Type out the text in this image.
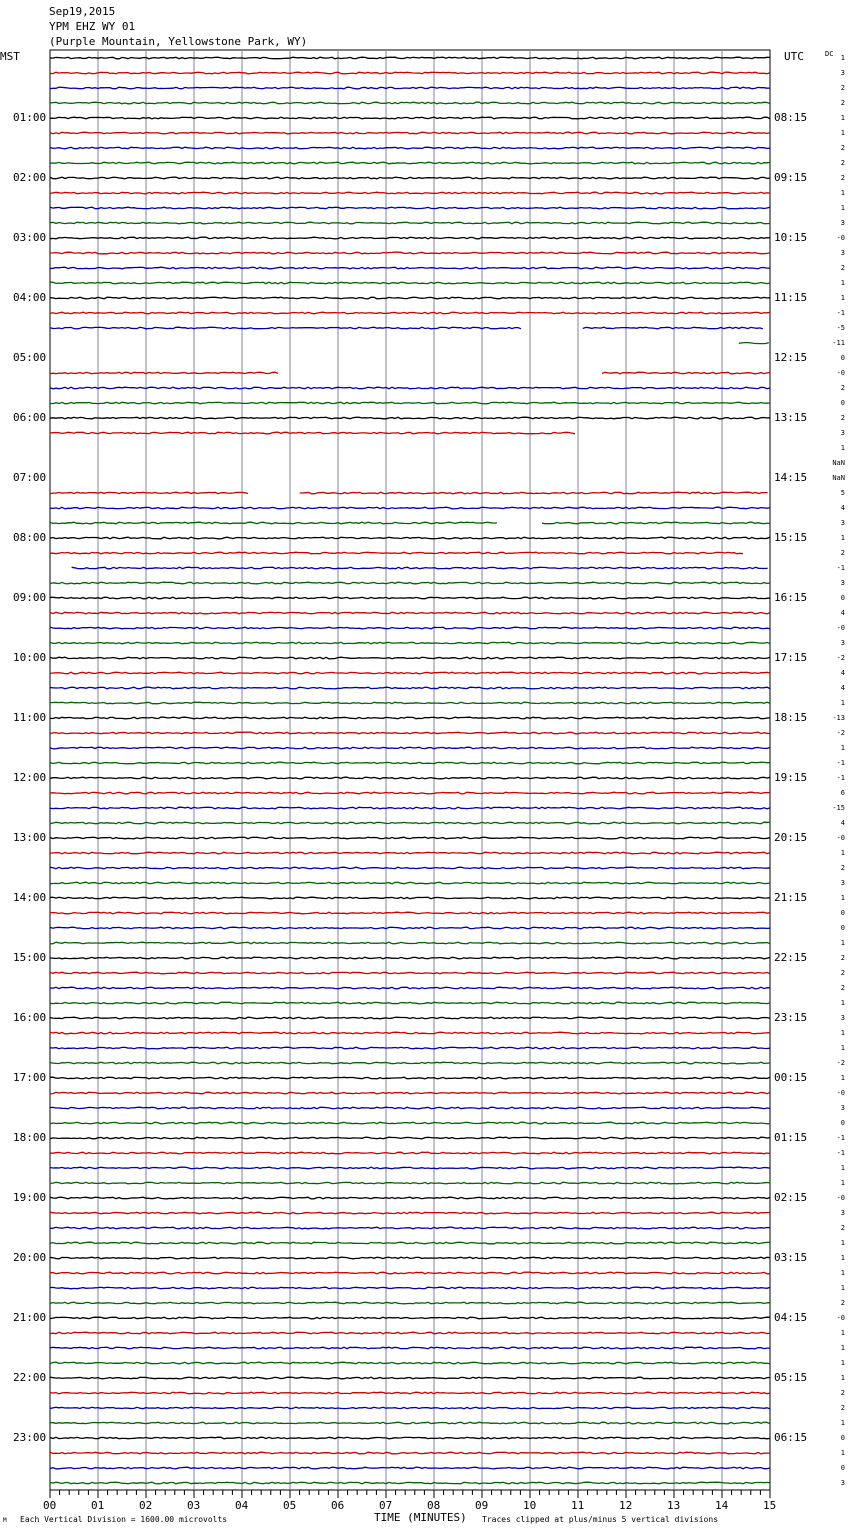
Sep19,2015
YPM EHZ WY 01
(Purple Mountain, Yellowstone Park, WY)
MST	UTC	DC
01:00
02:00
03:00
04:00
05:00
06:00
07:00
08:00
09:00
10:00
11:00
12:00
13:00
14:00
15:00
16:00
17:00
18:00
19:00
20:00
21:00
22:00
23:00
08:15
09:15
10:15
11:15
12:15
13:15
14:15
15:15
16:15
17:15
18:15
19:15
20:15
21:15
22:15
23:15
00:15
01:15
02:15
03:15
04:15
05:15
06:15
00	01	02	03	04	05	06	07	08	09	10	11	12	13	14	15
1
3
2
2
1
1
2
2
2
1
1
3
-0
3
2
1
1
-1
-5
-11
0
-0
2
0
2
3
1
NaN
NaN
5
4
3
1
2
-1
3
0
4
-0
3
-2
4
4
1
-13
-2
1
-1
-1
6
-15
4
-0
1
2
3
1
0
0
1
2
2
2
1
3
1
1
-2
1
-0
3
0
-1
-1
1
1
-0
3
2
1
1
1
1
2
-0
1
1
1
1
2
2
1
0
1
0
3
M Each Vertical Division = 1600.00 microvolts	TIME (MINUTES) Traces clipped at plus/minus 5 vertical divisions
